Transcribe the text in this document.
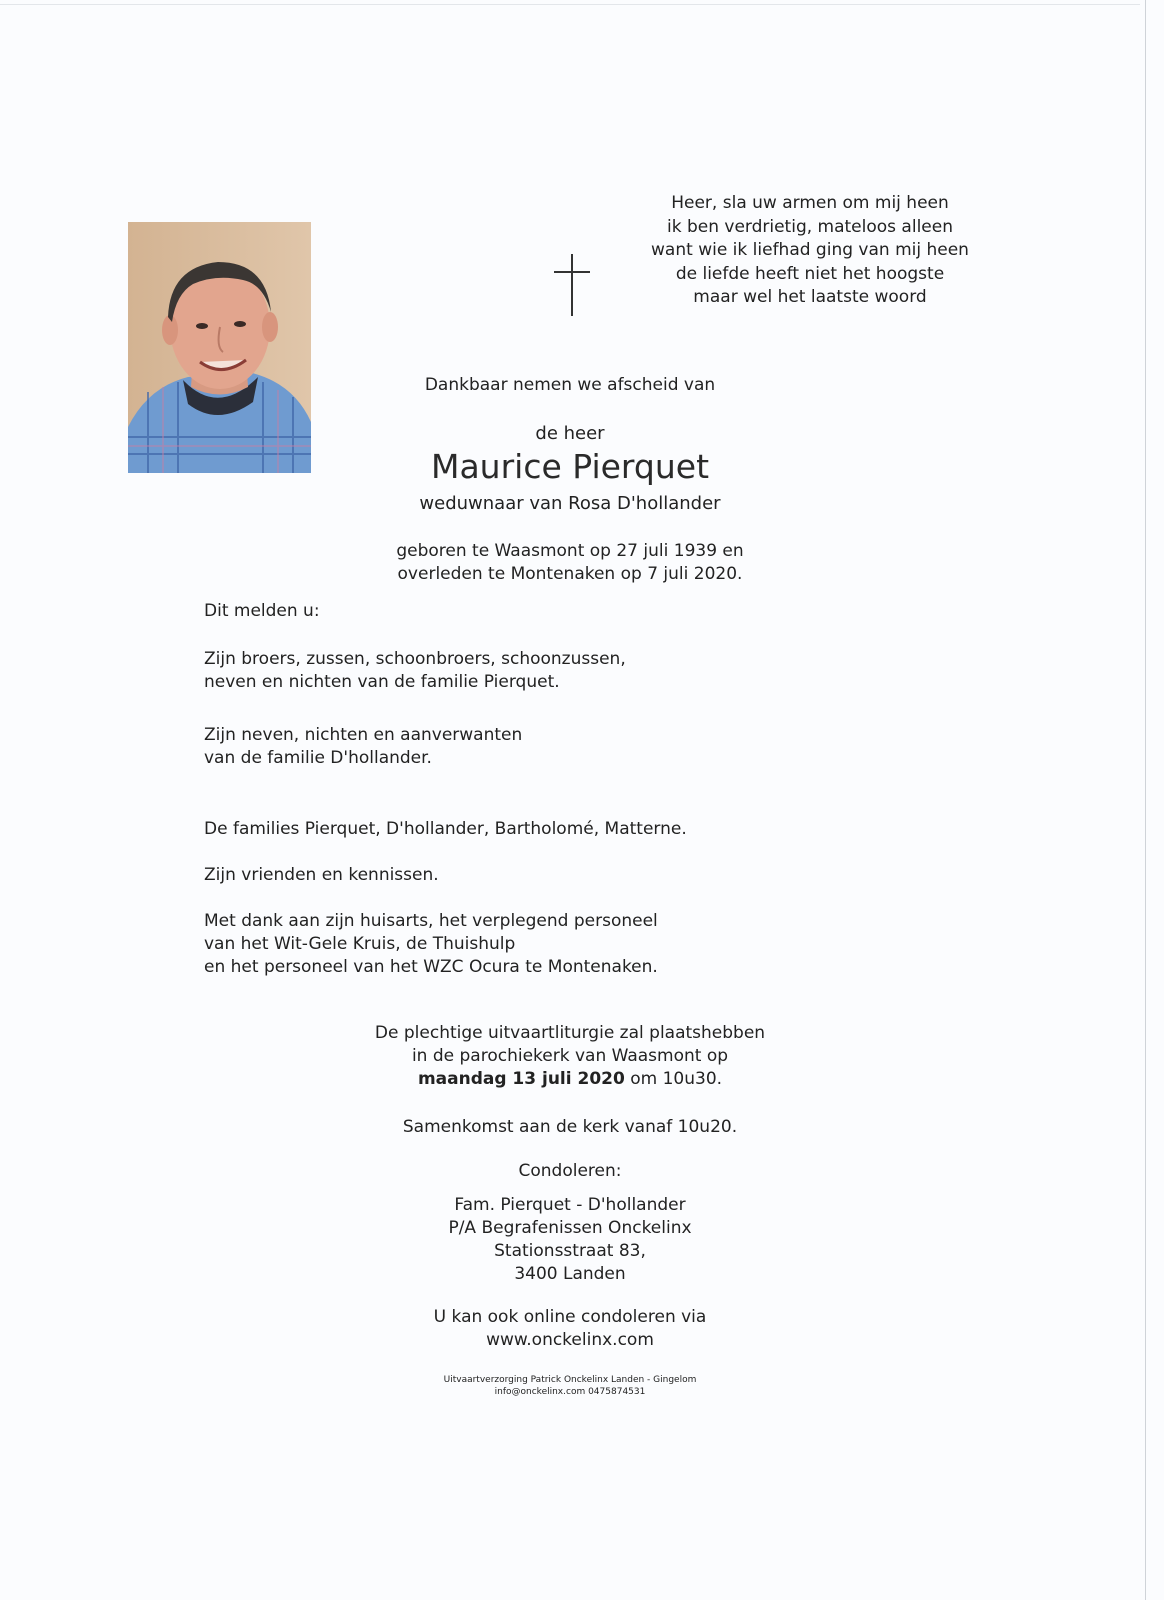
Heer, sla uw armen om mij heen
ik ben verdrietig, mateloos alleen
want wie ik liefhad ging van mij heen
de liefde heeft niet het hoogste
maar wel het laatste woord
Dankbaar nemen we afscheid van
de heer
Maurice Pierquet
weduwnaar van Rosa D'hollander
geboren te Waasmont op 27 juli 1939 en
overleden te Montenaken op 7 juli 2020.
Dit melden u:
Zijn broers, zussen, schoonbroers, schoonzussen,
neven en nichten van de familie Pierquet.
Zijn neven, nichten en aanverwanten
van de familie D'hollander.
De families Pierquet, D'hollander, Bartholomé, Matterne.
Zijn vrienden en kennissen.
Met dank aan zijn huisarts, het verplegend personeel
van het Wit-Gele Kruis, de Thuishulp
en het personeel van het WZC Ocura te Montenaken.
De plechtige uitvaartliturgie zal plaatshebben
in de parochiekerk van Waasmont op
maandag 13 juli 2020 om 10u30.
Samenkomst aan de kerk vanaf 10u20.
Condoleren:
Fam. Pierquet - D'hollander
P/A Begrafenissen Onckelinx
Stationsstraat 83,
3400 Landen
U kan ook online condoleren via
www.onckelinx.com
Uitvaartverzorging Patrick Onckelinx Landen - Gingelom
info@onckelinx.com 0475874531
